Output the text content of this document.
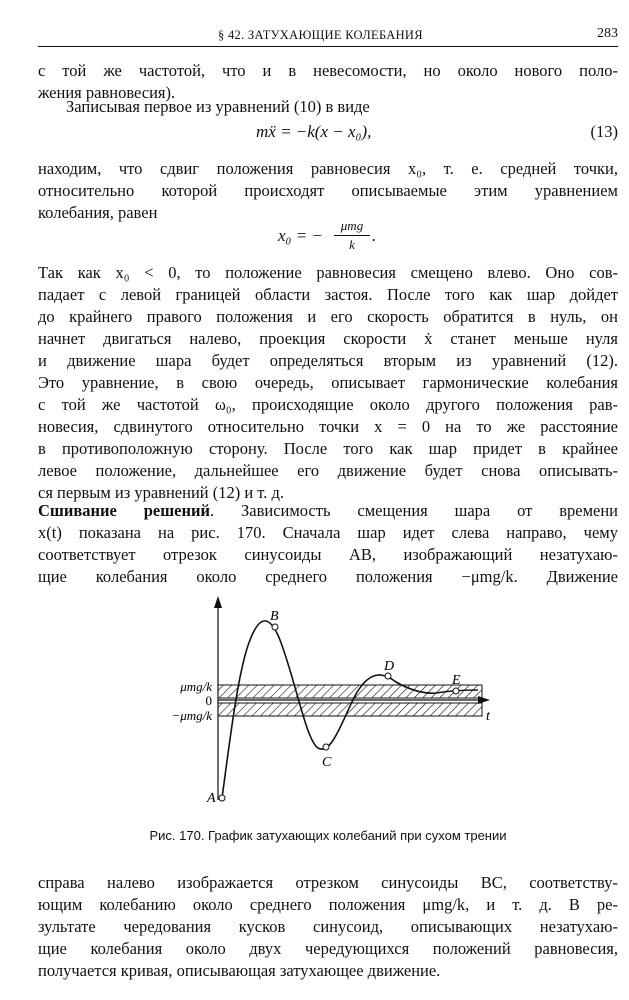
§ 42. ЗАТУХАЮЩИЕ КОЛЕБАНИЯ	283
с той же частотой, что и в невесомости, но около нового поло-
жения равновесия).
Записывая первое из уравнений (10) в виде
mẍ = −k(x − x₀),	(13)
находим, что сдвиг положения равновесия x₀, т. е. средней точки,
относительно которой происходят описываемые этим уравнением
колебания, равен
x₀ = −
μmg
k	.
Так как x₀ < 0, то положение равновесия смещено влево. Оно сов-
падает с левой границей области застоя. После того как шар дойдет
до крайнего правого положения и его скорость обратится в нуль, он
начнет двигаться налево, проекция скорости ẋ станет меньше нуля
и движение шара будет определяться вторым из уравнений (12).
Это уравнение, в свою очередь, описывает гармонические колебания
с той же частотой ω₀, происходящие около другого положения рав-
новесия, сдвинутого относительно точки x = 0 на то же расстояние
в противоположную сторону. После того как шар придет в крайнее
левое положение, дальнейшее его движение будет снова описывать-
ся первым из уравнений (12) и т. д.
Сшивание решений. Зависимость смещения шара от времени
x(t) показана на рис. 170. Сначала шар идет слева направо, чему
соответствует отрезок синусоиды AB, изображающий незатухаю-
щие колебания около среднего положения −μmg/k. Движение
μmg/k
0
−μmg/k	t
A
B
C
D
E
Рис. 170. График затухающих колебаний при сухом трении
справа налево изображается отрезком синусоиды BC, соответству-
ющим колебанию около среднего положения μmg/k, и т. д. В ре-
зультате чередования кусков синусоид, описывающих незатухаю-
щие колебания около двух чередующихся положений равновесия,
получается кривая, описывающая затухающее движение.
